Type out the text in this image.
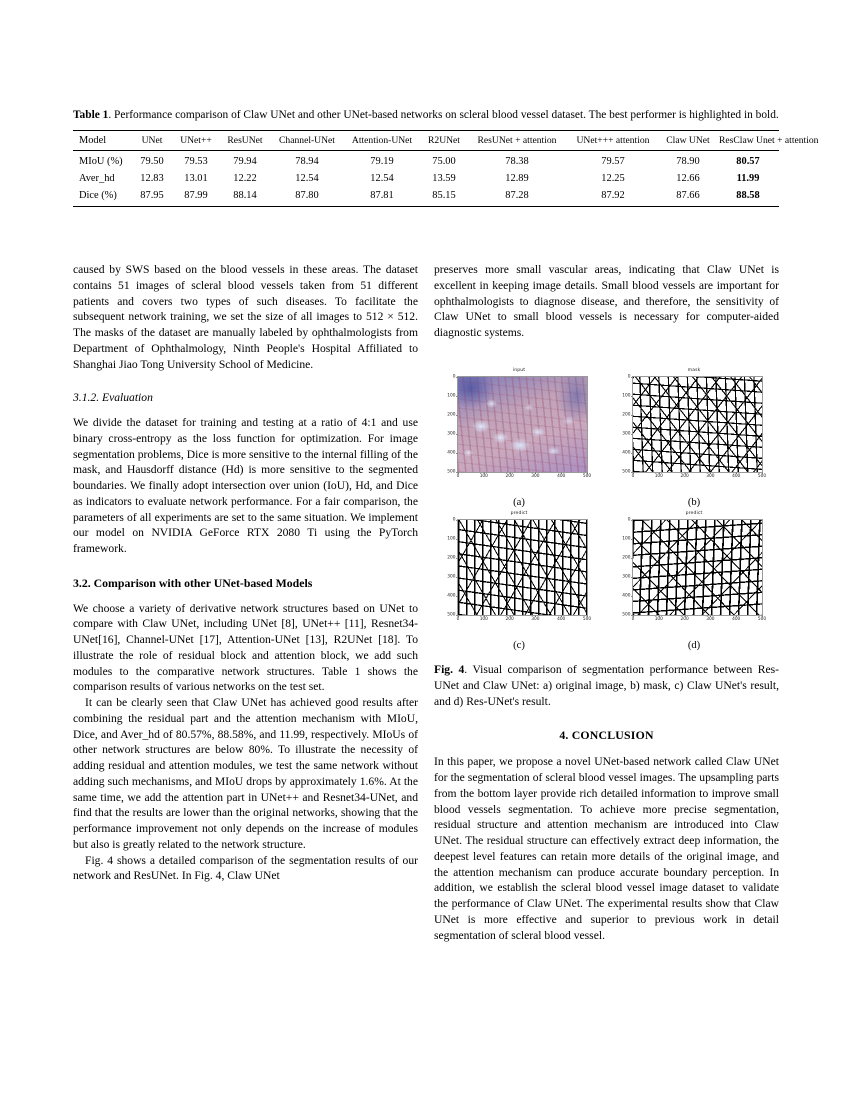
Table 1. Performance comparison of Claw UNet and other UNet-based networks on scleral blood vessel dataset. The best performer is highlighted in bold.

Model	UNet	UNet++	ResUNet	Channel-UNet	Attention-UNet	R2UNet	ResUNet + attention	UNet+++ attention	Claw UNet	ResClaw Unet + attention
MIoU (%)	79.50	79.53	79.94	78.94	79.19	75.00	78.38	79.57	78.90	80.57
Aver_hd	12.83	13.01	12.22	12.54	12.54	13.59	12.89	12.25	12.66	11.99
Dice (%)	87.95	87.99	88.14	87.80	87.81	85.15	87.28	87.92	87.66	88.58

caused by SWS based on the blood vessels in these areas. The dataset contains 51 images of scleral blood vessels taken from 51 different patients and covers two types of such diseases. To facilitate the subsequent network training, we set the size of all images to 512 × 512. The masks of the dataset are manually labeled by ophthalmologists from Department of Ophthalmology, Ninth People's Hospital Affiliated to Shanghai Jiao Tong University School of Medicine.

3.1.2. Evaluation

We divide the dataset for training and testing at a ratio of 4:1 and use binary cross-entropy as the loss function for optimization. For image segmentation problems, Dice is more sensitive to the internal filling of the mask, and Hausdorff distance (Hd) is more sensitive to the segmented boundaries. We finally adopt intersection over union (IoU), Hd, and Dice as indicators to evaluate network performance. For a fair comparison, the parameters of all experiments are set to the same situation. We implement our model on NVIDIA GeForce RTX 2080 Ti using the PyTorch framework.

3.2. Comparison with other UNet-based Models

We choose a variety of derivative network structures based on UNet to compare with Claw UNet, including UNet [8], UNet++ [11], Resnet34-UNet[16], Channel-UNet [17], Attention-UNet [13], R2UNet [18]. To illustrate the role of residual block and attention block, we add such modules to the comparative network structures. Table 1 shows the comparison results of various networks on the test set.

It can be clearly seen that Claw UNet has achieved good results after combining the residual part and the attention mechanism with MIoU, Dice, and Aver_hd of 80.57%, 88.58%, and 11.99, respectively. MIoUs of other network structures are below 80%. To illustrate the necessity of adding residual and attention modules, we test the same network without adding such mechanisms, and MIoU drops by approximately 1.6%. At the same time, we add the attention part in UNet++ and Resnet34-UNet, and find that the results are lower than the original networks, showing that the performance improvement not only depends on the increase of modules but also is greatly related to the network structure.

Fig. 4 shows a detailed comparison of the segmentation results of our network and ResUNet. In Fig. 4, Claw UNet

preserves more small vascular areas, indicating that Claw UNet is excellent in keeping image details. Small blood vessels are important for ophthalmologists to diagnose disease, and therefore, the sensitivity of Claw UNet to small blood vessels is necessary for computer-aided diagnostic systems.

input
0
100
200
300
400
500
0	100	200	300	400	500
(a)
mask
0
100
200
300
400
500
0	100	200	300	400	500
(b)
predict
0
100
200
300
400
500
0	100	200	300	400	500
(c)
predict
0
100
200
300
400
500
0	100	200	300	400	500
(d)

Fig. 4. Visual comparison of segmentation performance between Res-UNet and Claw UNet: a) original image, b) mask, c) Claw UNet's result, and d) Res-UNet's result.

4. CONCLUSION

In this paper, we propose a novel UNet-based network called Claw UNet for the segmentation of scleral blood vessel images. The upsampling parts from the bottom layer provide rich detailed information to improve small blood vessels segmentation. To achieve more precise segmentation, residual structure and attention mechanism are introduced into Claw UNet. The residual structure can effectively extract deep information, the deepest level features can retain more details of the original image, and the attention mechanism can produce accurate boundary perception. In addition, we establish the scleral blood vessel image dataset to validate the performance of Claw UNet. The experimental results show that Claw UNet is more effective and superior to previous work in detail segmentation of scleral blood vessel.
